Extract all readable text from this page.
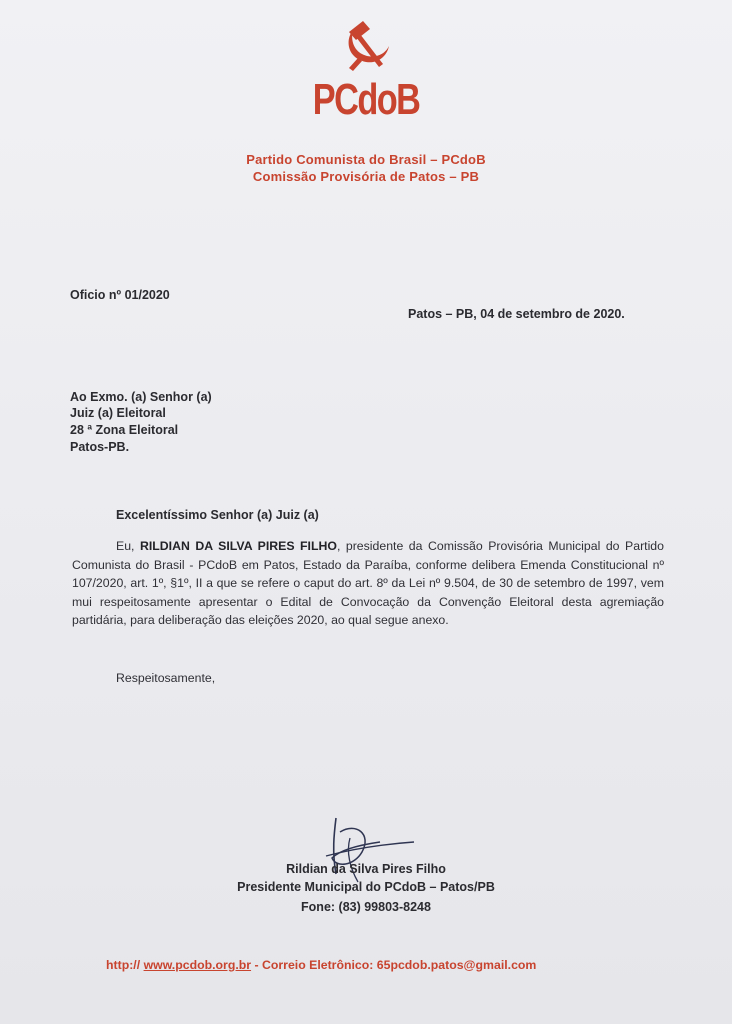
PCdoB
Partido Comunista do Brasil – PCdoB
Comissão Provisória de Patos – PB
Oficio nº 01/2020
Patos – PB, 04 de setembro de 2020.
Ao Exmo. (a) Senhor (a)
Juiz (a) Eleitoral
28 ª Zona Eleitoral
Patos-PB.
Excelentíssimo Senhor (a) Juiz (a)
Eu, RILDIAN DA SILVA PIRES FILHO, presidente da Comissão Provisória Municipal do Partido Comunista do Brasil - PCdoB em Patos, Estado da Paraíba, conforme delibera Emenda Constitucional nº 107/2020, art. 1º, §1º, II a que se refere o caput do art. 8º da Lei nº 9.504, de 30 de setembro de 1997, vem mui respeitosamente apresentar o Edital de Convocação da Convenção Eleitoral desta agremiação partidária, para deliberação das eleições 2020, ao qual segue anexo.
Respeitosamente,
Rildian da Silva Pires Filho
Presidente Municipal do PCdoB – Patos/PB
Fone: (83) 99803-8248
http:// www.pcdob.org.br - Correio Eletrônico: 65pcdob.patos@gmail.com
